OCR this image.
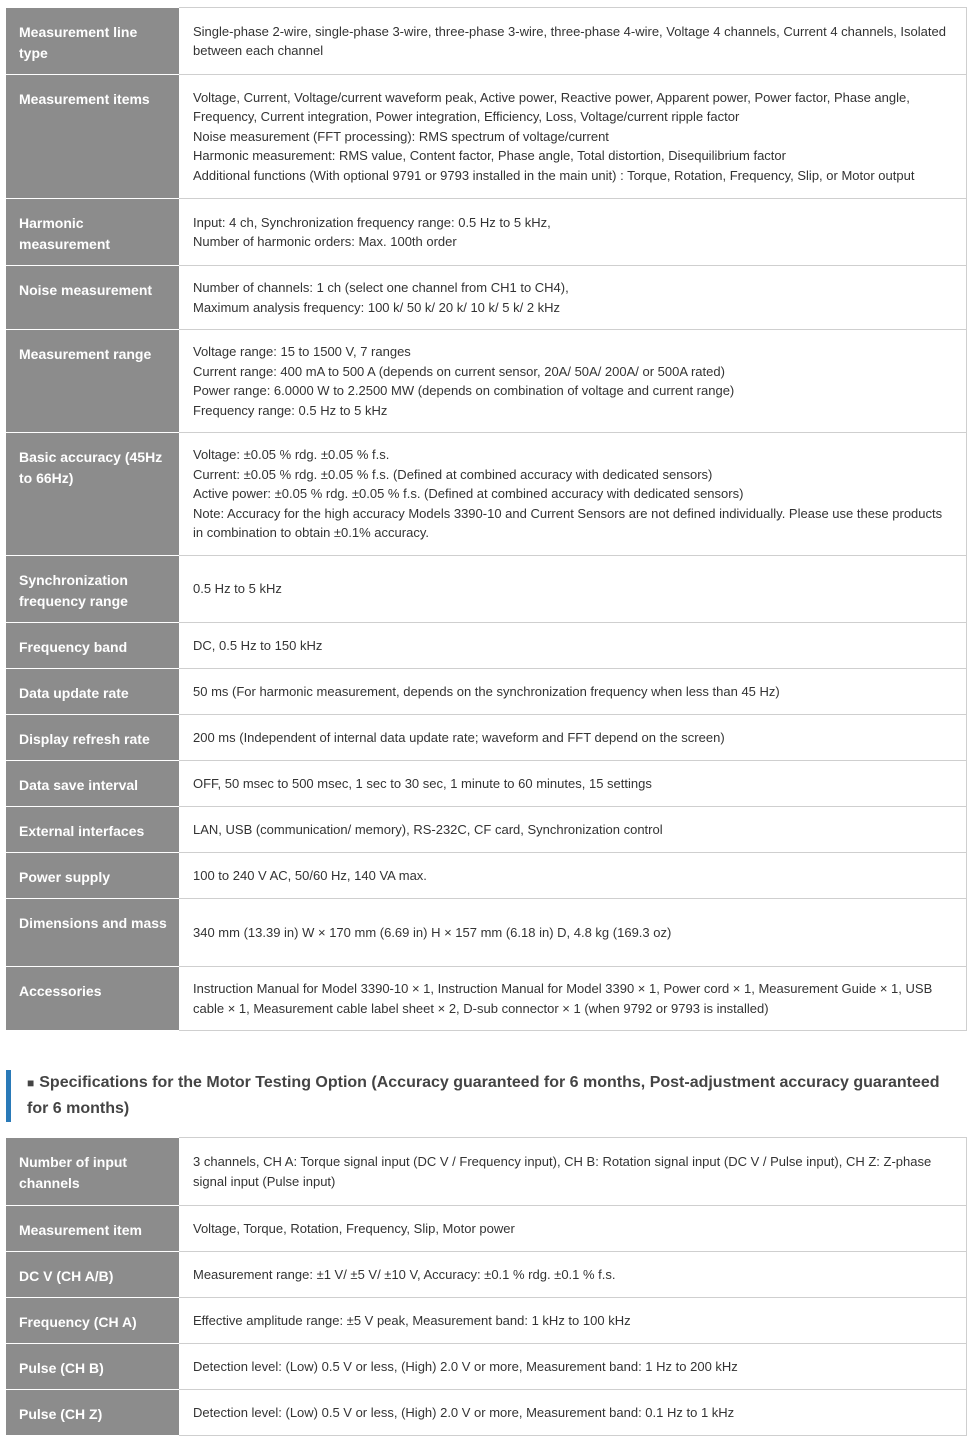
Measurement line type	Single-phase 2-wire, single-phase 3-wire, three-phase 3-wire, three-phase 4-wire, Voltage 4 channels, Current 4 channels, Isolated between each channel

Measurement items	Voltage, Current, Voltage/current waveform peak, Active power, Reactive power, Apparent power, Power factor, Phase angle, Frequency, Current integration, Power integration, Efficiency, Loss, Voltage/current ripple factor
Noise measurement (FFT processing): RMS spectrum of voltage/current
Harmonic measurement: RMS value, Content factor, Phase angle, Total distortion, Disequilibrium factor
Additional functions (With optional 9791 or 9793 installed in the main unit) : Torque, Rotation, Frequency, Slip, or Motor output

Harmonic measurement	Input: 4 ch, Synchronization frequency range: 0.5 Hz to 5 kHz,
Number of harmonic orders: Max. 100th order

Noise measurement	Number of channels: 1 ch (select one channel from CH1 to CH4),
Maximum analysis frequency: 100 k/ 50 k/ 20 k/ 10 k/ 5 k/ 2 kHz

Measurement range	Voltage range: 15 to 1500 V, 7 ranges
Current range: 400 mA to 500 A (depends on current sensor, 20A/ 50A/ 200A/ or 500A rated)
Power range: 6.0000 W to 2.2500 MW (depends on combination of voltage and current range)
Frequency range: 0.5 Hz to 5 kHz

Basic accuracy (45Hz to 66Hz)	Voltage: ±0.05 % rdg. ±0.05 % f.s.
Current: ±0.05 % rdg. ±0.05 % f.s. (Defined at combined accuracy with dedicated sensors)
Active power: ±0.05 % rdg. ±0.05 % f.s. (Defined at combined accuracy with dedicated sensors)
Note: Accuracy for the high accuracy Models 3390-10 and Current Sensors are not defined individually. Please use these products in combination to obtain ±0.1% accuracy.

Synchronization frequency range	0.5 Hz to 5 kHz

Frequency band	DC, 0.5 Hz to 150 kHz

Data update rate	50 ms (For harmonic measurement, depends on the synchronization frequency when less than 45 Hz)

Display refresh rate	200 ms (Independent of internal data update rate; waveform and FFT depend on the screen)

Data save interval	OFF, 50 msec to 500 msec, 1 sec to 30 sec, 1 minute to 60 minutes, 15 settings

External interfaces	LAN, USB (communication/ memory), RS-232C, CF card, Synchronization control

Power supply	100 to 240 V AC, 50/60 Hz, 140 VA max.

Dimensions and mass	340 mm (13.39 in) W × 170 mm (6.69 in) H × 157 mm (6.18 in) D, 4.8 kg (169.3 oz)

Accessories	Instruction Manual for Model 3390-10 × 1, Instruction Manual for Model 3390 × 1, Power cord × 1, Measurement Guide × 1, USB cable × 1, Measurement cable label sheet × 2, D-sub connector × 1 (when 9792 or 9793 is installed)
■ Specifications for the Motor Testing Option (Accuracy guaranteed for 6 months, Post-adjustment accuracy guaranteed for 6 months)
Number of input channels	3 channels, CH A: Torque signal input (DC V / Frequency input), CH B: Rotation signal input (DC V / Pulse input), CH Z: Z-phase signal input (Pulse input)

Measurement item	Voltage, Torque, Rotation, Frequency, Slip, Motor power

DC V (CH A/B)	Measurement range: ±1 V/ ±5 V/ ±10 V, Accuracy: ±0.1 % rdg. ±0.1 % f.s.

Frequency (CH A)	Effective amplitude range: ±5 V peak, Measurement band: 1 kHz to 100 kHz

Pulse (CH B)	Detection level: (Low) 0.5 V or less, (High) 2.0 V or more, Measurement band: 1 Hz to 200 kHz

Pulse (CH Z)	Detection level: (Low) 0.5 V or less, (High) 2.0 V or more, Measurement band: 0.1 Hz to 1 kHz
